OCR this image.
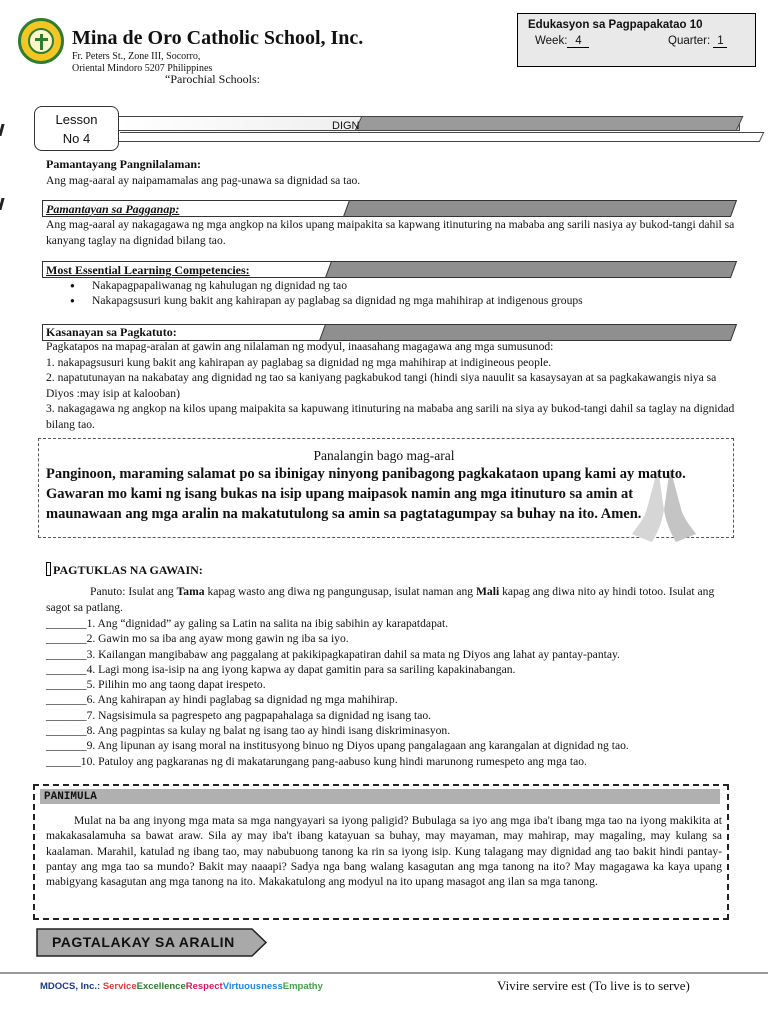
Mina de Oro Catholic School, Inc.
Fr. Peters St., Zone III, Socorro,
Oriental Mindoro 5207 Philippines
“Parochial Schools:
Edukasyon sa Pagpapakatao 10
Week: 4	Quarter: 1
DIGN
Lesson
No 4
Pamantayang Pangnilalaman:
Ang mag-aaral ay naipamamalas ang pag-unawa sa dignidad sa tao.
Pamantayan sa Pagganap:
Ang mag-aaral ay nakagagawa ng mga angkop na kilos upang maipakita sa kapwang itinuturing na mababa ang sarili nasiya ay bukod-tangi dahil sa kanyang taglay na dignidad bilang tao.
Most Essential Learning Competencies:
● Nakapagpapaliwanag ng kahulugan ng dignidad ng tao
● Nakapagsusuri kung bakit ang kahirapan ay paglabag sa dignidad ng mga mahihirap at indigenous groups
Kasanayan sa Pagkatuto:
Pagkatapos na mapag-aralan at gawin ang nilalaman ng modyul, inaasahang magagawa ang mga sumusunod:
1. nakapagsusuri kung bakit ang kahirapan ay paglabag sa dignidad ng mga mahihirap at indigineous people.
2. napatutunayan na nakabatay ang dignidad ng tao sa kaniyang pagkabukod tangi (hindi siya nauulit sa kasaysayan at sa pagkakawangis niya sa Diyos :may isip at kalooban)
3. nakagagawa ng angkop na kilos upang maipakita sa kapuwang itinuturing na mababa ang sarili na siya ay bukod-tangi dahil sa taglay na dignidad bilang tao.
Panalangin bago mag-aral
Panginoon, maraming salamat po sa ibinigay ninyong panibagong pagkakataon upang kami ay matuto. Gawaran mo kami ng isang bukas na isip upang maipasok namin ang mga itinuturo sa amin at maunawaan ang mga aralin na makatutulong sa amin sa pagtatagumpay sa buhay na ito. Amen.
PAGTUKLAS NA GAWAIN:
Panuto: Isulat ang Tama kapag wasto ang diwa ng pangungusap, isulat naman ang Mali kapag ang diwa nito ay hindi totoo. Isulat ang sagot sa patlang.
_______1. Ang “dignidad” ay galing sa Latin na salita na ibig sabihin ay karapatdapat.
_______2. Gawin mo sa iba ang ayaw mong gawin ng iba sa iyo.
_______3. Kailangan mangibabaw ang paggalang at pakikipagkapatiran dahil sa mata ng Diyos ang lahat ay pantay-pantay.
_______4. Lagi mong isa-isip na ang iyong kapwa ay dapat gamitin para sa sariling kapakinabangan.
_______5. Pilihin mo ang taong dapat irespeto.
_______6. Ang kahirapan ay hindi paglabag sa dignidad ng mga mahihirap.
_______7. Nagsisimula sa pagrespeto ang pagpapahalaga sa dignidad ng isang tao.
_______8. Ang pagpintas sa kulay ng balat ng isang tao ay hindi isang diskriminasyon.
_______9. Ang lipunan ay isang moral na institusyong binuo ng Diyos upang pangalagaan ang karangalan at dignidad ng tao.
______10. Patuloy ang pagkaranas ng di makatarungang pang-aabuso kung hindi marunong rumespeto ang mga tao.
PANIMULA
Mulat na ba ang inyong mga mata sa mga nangyayari sa iyong paligid? Bubulaga sa iyo ang mga iba't ibang mga tao na iyong makikita at makakasalamuha sa bawat araw. Sila ay may iba't ibang katayuan sa buhay, may mayaman, may mahirap, may magaling, may kulang sa kaalaman. Marahil, katulad ng ibang tao, may nabubuong tanong ka rin sa iyong isip. Kung talagang may dignidad ang tao bakit hindi pantay-pantay ang mga tao sa mundo? Bakit may naaapi? Sadya nga bang walang kasagutan ang mga tanong na ito? May magagawa ka kaya upang mabigyang kasagutan ang mga tanong na ito. Makakatulong ang modyul na ito upang masagot ang ilan sa mga tanong.
PAGTALAKAY SA ARALIN
MDOCS, Inc.: ServiceExcellenceRespectVirtuousnessEmpathy	Vivire servire est (To live is to serve)
